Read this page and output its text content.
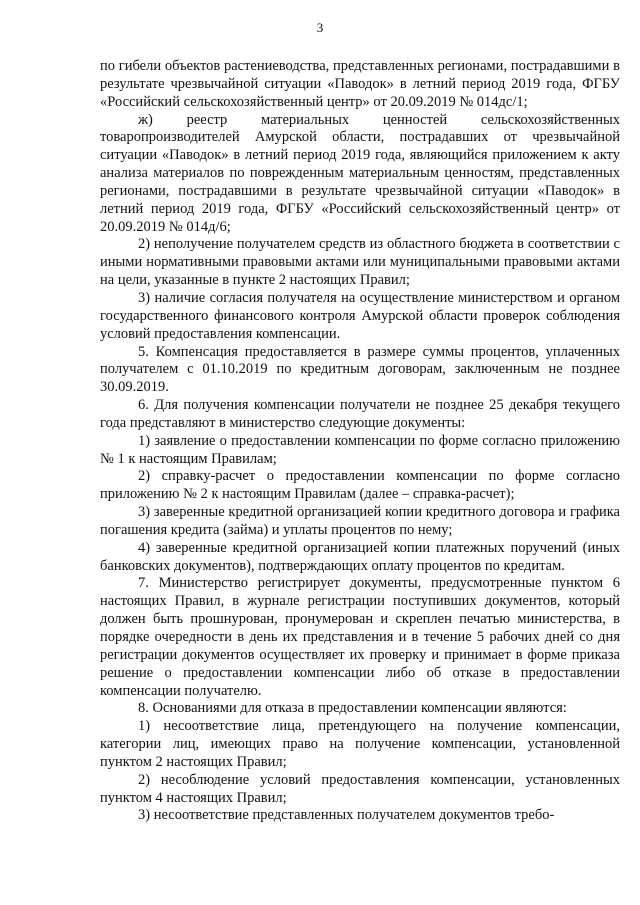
3

по гибели объектов растениеводства, представленных регионами, пострадавшими в результате чрезвычайной ситуации «Паводок» в летний период 2019 года, ФГБУ «Российский сельскохозяйственный центр» от 20.09.2019 № 014дс/1;

ж) реестр материальных ценностей сельскохозяйственных товаропроизводителей Амурской области, пострадавших от чрезвычайной ситуации «Паводок» в летний период 2019 года, являющийся приложением к акту анализа материалов по поврежденным материальным ценностям, представленных регионами, пострадавшими в результате чрезвычайной ситуации «Паводок» в летний период 2019 года, ФГБУ «Российский сельскохозяйственный центр» от 20.09.2019 № 014д/6;

2) неполучение получателем средств из областного бюджета в соответствии с иными нормативными правовыми актами или муниципальными правовыми актами на цели, указанные в пункте 2 настоящих Правил;

3) наличие согласия получателя на осуществление министерством и органом государственного финансового контроля Амурской области проверок соблюдения условий предоставления компенсации.

5. Компенсация предоставляется в размере суммы процентов, уплаченных получателем с 01.10.2019 по кредитным договорам, заключенным не позднее 30.09.2019.

6. Для получения компенсации получатели не позднее 25 декабря текущего года представляют в министерство следующие документы:

1) заявление о предоставлении компенсации по форме согласно приложению № 1 к настоящим Правилам;

2) справку-расчет о предоставлении компенсации по форме согласно приложению № 2 к настоящим Правилам (далее – справка-расчет);

3) заверенные кредитной организацией копии кредитного договора и графика погашения кредита (займа) и уплаты процентов по нему;

4) заверенные кредитной организацией копии платежных поручений (иных банковских документов), подтверждающих оплату процентов по кредитам.

7. Министерство регистрирует документы, предусмотренные пунктом 6 настоящих Правил, в журнале регистрации поступивших документов, который должен быть прошнурован, пронумерован и скреплен печатью министерства, в порядке очередности в день их представления и в течение 5 рабочих дней со дня регистрации документов осуществляет их проверку и принимает в форме приказа решение о предоставлении компенсации либо об отказе в предоставлении компенсации получателю.

8. Основаниями для отказа в предоставлении компенсации являются:

1) несоответствие лица, претендующего на получение компенсации, категории лиц, имеющих право на получение компенсации, установленной пунктом 2 настоящих Правил;

2) несоблюдение условий предоставления компенсации, установленных пунктом 4 настоящих Правил;

3) несоответствие представленных получателем документов требо-
